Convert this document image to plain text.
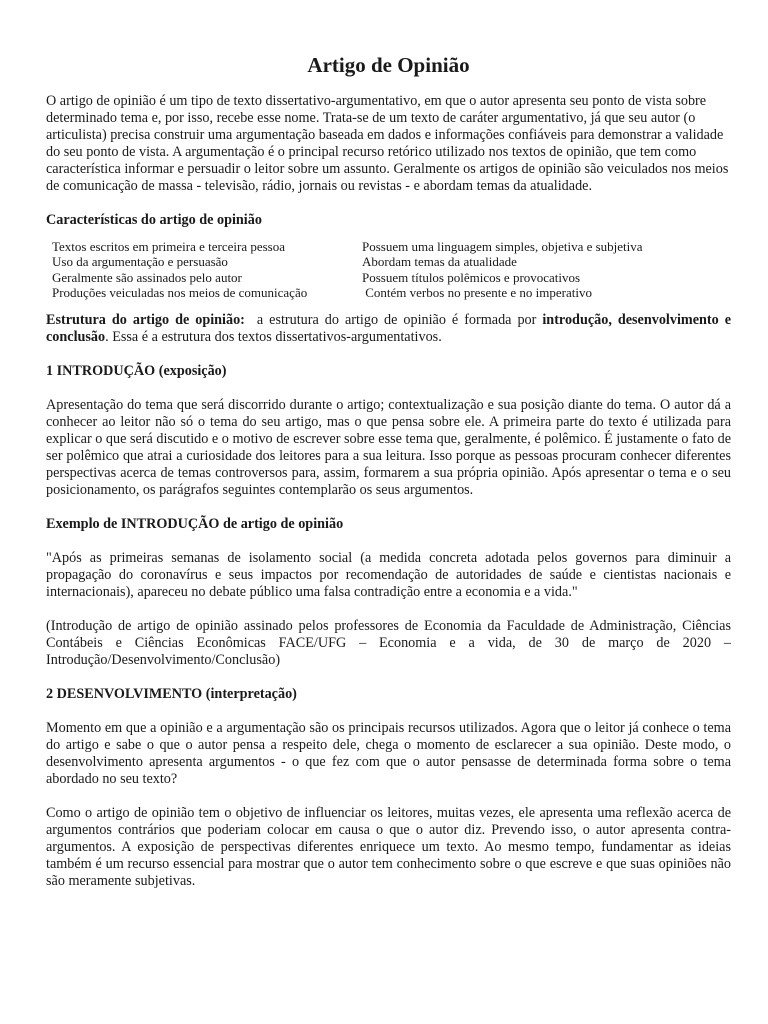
Artigo de Opinião

O artigo de opinião é um tipo de texto dissertativo-argumentativo, em que o autor apresenta seu ponto de vista sobre determinado tema e, por isso, recebe esse nome. Trata-se de um texto de caráter argumentativo, já que seu autor (o articulista) precisa construir uma argumentação baseada em dados e informações confiáveis para demonstrar a validade do seu ponto de vista. A argumentação é o principal recurso retórico utilizado nos textos de opinião, que tem como característica informar e persuadir o leitor sobre um assunto. Geralmente os artigos de opinião são veiculados nos meios de comunicação de massa - televisão, rádio, jornais ou revistas - e abordam temas da atualidade.

Características do artigo de opinião
Textos escritos em primeira e terceira pessoa	Possuem uma linguagem simples, objetiva e subjetiva
Uso da argumentação e persuasão	Abordam temas da atualidade
Geralmente são assinados pelo autor	Possuem títulos polêmicos e provocativos
Produções veiculadas nos meios de comunicação	Contém verbos no presente e no imperativo

Estrutura do artigo de opinião:  a estrutura do artigo de opinião é formada por introdução, desenvolvimento e conclusão. Essa é a estrutura dos textos dissertativos-argumentativos.

1 INTRODUÇÃO (exposição)

Apresentação do tema que será discorrido durante o artigo; contextualização e sua posição diante do tema. O autor dá a conhecer ao leitor não só o tema do seu artigo, mas o que pensa sobre ele. A primeira parte do texto é utilizada para explicar o que será discutido e o motivo de escrever sobre esse tema que, geralmente, é polêmico. É justamente o fato de ser polêmico que atrai a curiosidade dos leitores para a sua leitura. Isso porque as pessoas procuram conhecer diferentes perspectivas acerca de temas controversos para, assim, formarem a sua própria opinião. Após apresentar o tema e o seu posicionamento, os parágrafos seguintes contemplarão os seus argumentos.

Exemplo de INTRODUÇÃO de artigo de opinião

"Após as primeiras semanas de isolamento social (a medida concreta adotada pelos governos para diminuir a propagação do coronavírus e seus impactos por recomendação de autoridades de saúde e cientistas nacionais e internacionais), apareceu no debate público uma falsa contradição entre a economia e a vida."

(Introdução de artigo de opinião assinado pelos professores de Economia da Faculdade de Administração, Ciências Contábeis e Ciências Econômicas FACE/UFG – Economia e a vida, de 30 de março de 2020 – Introdução/Desenvolvimento/Conclusão)

2 DESENVOLVIMENTO (interpretação)

Momento em que a opinião e a argumentação são os principais recursos utilizados. Agora que o leitor já conhece o tema do artigo e sabe o que o autor pensa a respeito dele, chega o momento de esclarecer a sua opinião. Deste modo, o desenvolvimento apresenta argumentos - o que fez com que o autor pensasse de determinada forma sobre o tema abordado no seu texto?

Como o artigo de opinião tem o objetivo de influenciar os leitores, muitas vezes, ele apresenta uma reflexão acerca de argumentos contrários que poderiam colocar em causa o que o autor diz. Prevendo isso, o autor apresenta contra-argumentos. A exposição de perspectivas diferentes enriquece um texto. Ao mesmo tempo, fundamentar as ideias também é um recurso essencial para mostrar que o autor tem conhecimento sobre o que escreve e que suas opiniões não são meramente subjetivas.
